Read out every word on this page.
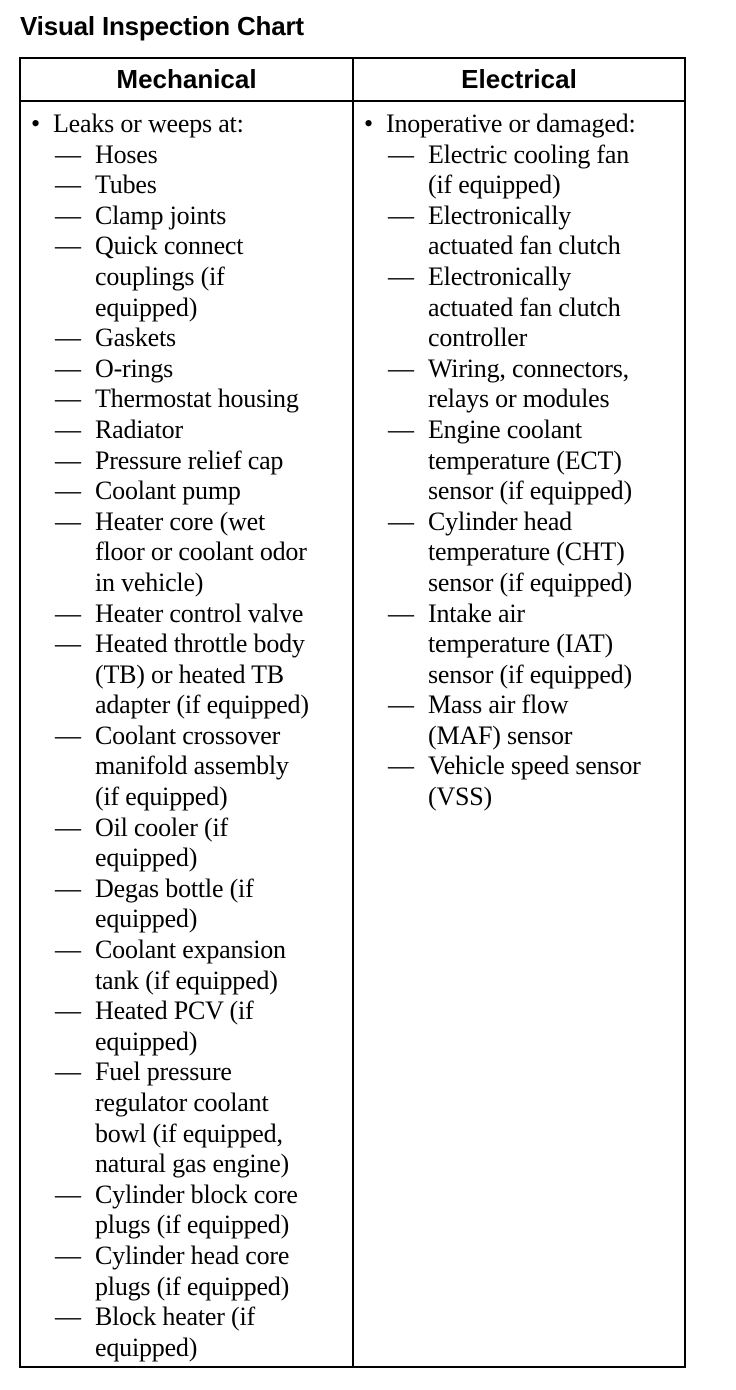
Visual Inspection Chart
Mechanical	Electrical
• Leaks or weeps at:
— Hoses
— Tubes
— Clamp joints
— Quick connect
couplings (if
equipped)
— Gaskets
— O-rings
— Thermostat housing
— Radiator
— Pressure relief cap
— Coolant pump
— Heater core (wet
floor or coolant odor
in vehicle)
— Heater control valve
— Heated throttle body
(TB) or heated TB
adapter (if equipped)
— Coolant crossover
manifold assembly
(if equipped)
— Oil cooler (if
equipped)
— Degas bottle (if
equipped)
— Coolant expansion
tank (if equipped)
— Heated PCV (if
equipped)
— Fuel pressure
regulator coolant
bowl (if equipped,
natural gas engine)
— Cylinder block core
plugs (if equipped)
— Cylinder head core
plugs (if equipped)
— Block heater (if
equipped)
• Inoperative or damaged:
— Electric cooling fan
(if equipped)
— Electronically
actuated fan clutch
— Electronically
actuated fan clutch
controller
— Wiring, connectors,
relays or modules
— Engine coolant
temperature (ECT)
sensor (if equipped)
— Cylinder head
temperature (CHT)
sensor (if equipped)
— Intake air
temperature (IAT)
sensor (if equipped)
— Mass air flow
(MAF) sensor
— Vehicle speed sensor
(VSS)
